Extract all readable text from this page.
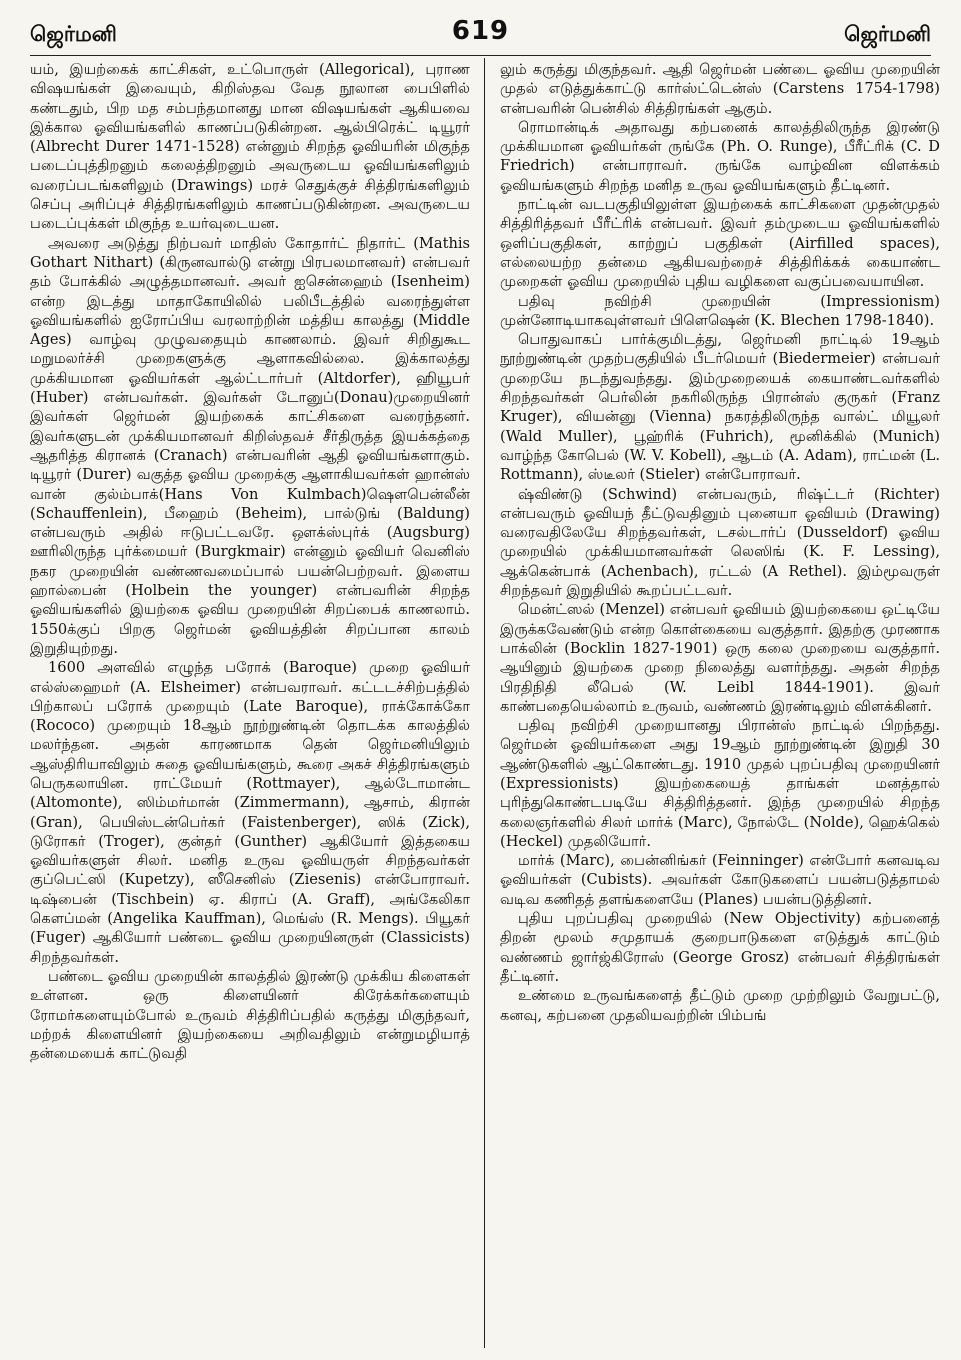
ஜெர்மனி	619	ஜெர்மனி

யம், இயற்கைக் காட்சிகள், உட்பொருள் (Allegorical), புராண விஷயங்கள் இவையும், கிறிஸ்தவ வேத நூலான பைபிளில் கண்டதும், பிற மத சம்பந்தமானது மான விஷயங்கள் ஆகியவை இக்கால ஓவியங்களில் காணப்படுகின்றன. ஆல்பிரெக்ட் டியூரர் (Albrecht Durer 1471-1528) என்னும் சிறந்த ஓவியரின் மிகுந்த படைப்புத்திறனும் கலைத்திறனும் அவருடைய ஓவியங்களிலும் வரைப்படங்களிலும் (Drawings) மரச் செதுக்குச் சித்திரங்களிலும் செப்பு அரிப்புச் சித்திரங்களிலும் காணப்படுகின்றன. அவருடைய படைப்புக்கள் மிகுந்த உயர்வுடையன.

அவரை அடுத்து நிற்பவர் மாதிஸ் கோதார்ட் நிதார்ட் (Mathis Gothart Nithart) (கிருனவால்டு என்று பிரபலமானவர்) என்பவர் தம் போக்கில் அழுத்தமானவர். அவர் ஐசென்ஹைம் (Isenheim) என்ற இடத்து மாதாகோயிலில் பலிபீடத்தில் வரைந்துள்ள ஓவியங்களில் ஐரோப்பிய வரலாற்றின் மத்திய காலத்து (Middle Ages) வாழ்வு முழுவதையும் காணலாம். இவர் சிறிதுகூட மறுமலர்ச்சி முறைகளுக்கு ஆளாகவில்லை. இக்காலத்து முக்கியமான ஓவியர்கள் ஆல்ட்டார்பர் (Altdorfer), ஹியூபர் (Huber) என்பவர்கள். இவர்கள் டோனுப்(Donau)முறையினர் இவர்கள் ஜெர்மன் இயற்கைக் காட்சிகளை வரைந்தனர். இவர்களுடன் முக்கியமானவர் கிறிஸ்தவச் சீர்திருத்த இயக்கத்தை ஆதரித்த கிரானக் (Cranach) என்பவரின் ஆதி ஓவியங்களாகும். டியூரர் (Durer) வகுத்த ஓவிய முறைக்கு ஆளாகியவர்கள் ஹான்ஸ் வான் குல்ம்பாக்(Hans Von Kulmbach)ஷௌபென்லீன் (Schauffenlein), பீஹைம் (Beheim), பால்டுங் (Baldung) என்பவரும் அதில் ஈடுபட்டவரே. ஔக்ஸ்புர்க் (Augsburg) ஊரிலிருந்த புர்க்மையர் (Burgkmair) என்னும் ஓவியர் வெனிஸ் நகர முறையின் வண்ணவமைப்பால் பயன்பெற்றவர். இளைய ஹால்பைன் (Holbein the younger) என்பவரின் சிறந்த ஓவியங்களில் இயற்கை ஓவிய முறையின் சிறப்பைக் காணலாம். 1550க்குப் பிறகு ஜெர்மன் ஓவியத்தின் சிறப்பான காலம் இறுதியுற்றது.

1600 அளவில் எழுந்த பரோக் (Baroque) முறை ஓவியர் எல்ஸ்ஹைமர் (A. Elsheimer) என்பவராவர். கட்டடச்சிற்பத்தில் பிற்காலப் பரோக் முறையும் (Late Baroque), ராக்கோக்கோ (Rococo) முறையும் 18ஆம் நூற்றுண்டின் தொடக்க காலத்தில் மலர்ந்தன. அதன் காரணமாக தென் ஜெர்மனியிலும் ஆஸ்திரியாவிலும் சுதை ஓவியங்களும், கூரை அகச் சித்திரங்களும் பெருகலாயின. ராட்மேயர் (Rottmayer), ஆல்டோமான்ட (Altomonte), ஸிம்மர்மான் (Zimmermann), ஆசாம், கிரான் (Gran), பெயிஸ்டன்பெர்கர் (Faistenberger), ஸிக் (Zick), டுரோகர் (Troger), குன்தர் (Gunther) ஆகியோர் இத்தகைய ஓவியர்களுள் சிலர். மனித உருவ ஓவியருள் சிறந்தவர்கள் குப்பெட்ஸி (Kupetzy), ஸீசெனிஸ் (Ziesenis) என்போராவர். டிஷ்பைன் (Tischbein) ஏ. கிராப் (A. Graff), அங்கேலிகா கௌப்மன் (Angelika Kauffman), மெங்ஸ் (R. Mengs). பியூகர் (Fuger) ஆகியோர் பண்டை ஓவிய முறையினருள் (Classicists) சிறந்தவர்கள்.

பண்டை ஓவிய முறையின் காலத்தில் இரண்டு முக்கிய கிளைகள் உள்ளன. ஒரு கிளையினர் கிரேக்கர்களையும் ரோமர்களையும்போல் உருவம் சித்திரிப்பதில் கருத்து மிகுந்தவர், மற்றக் கிளையினர் இயற்கையை அறிவதிலும் என்றுமழியாத் தன்மையைக் காட்டுவதி

லும் கருத்து மிகுந்தவர். ஆதி ஜெர்மன் பண்டை ஓவிய முறையின் முதல் எடுத்துக்காட்டு கார்ஸ்ட்டென்ஸ் (Carstens 1754-1798) என்பவரின் பென்சில் சித்திரங்கள் ஆகும்.

ரொமான்டிக் அதாவது கற்பனைக் காலத்திலிருந்த இரண்டு முக்கியமான ஓவியர்கள் ருங்கே (Ph. O. Runge), பீரீட்ரிக் (C. D Friedrich) என்பாராவர். ருங்கே வாழ்வின விளக்கம் ஓவியங்களும் சிறந்த மனித உருவ ஓவியங்களும் தீட்டினர்.

நாட்டின் வடபகுதியிலுள்ள இயற்கைக் காட்சிகளை முதன்முதல் சித்திரித்தவர் பீரீட்ரிக் என்பவர். இவர் தம்முடைய ஓவியங்களில் ஒளிப்பகுதிகள், காற்றுப் பகுதிகள் (Airfilled spaces), எல்லையற்ற தன்மை ஆகியவற்றைச் சித்திரிக்கக் கையாண்ட முறைகள் ஓவிய முறையில் புதிய வழிகளை வகுப்பவையாயின.

பதிவு நவிற்சி முறையின் (Impressionism) முன்னோடியாகவுள்ளவர் பிளெஷென் (K. Blechen 1798-1840).

பொதுவாகப் பார்க்குமிடத்து, ஜெர்மனி நாட்டில் 19ஆம் நூற்றுண்டின் முதற்பகுதியில் பீடர்மெயர் (Biedermeier) என்பவர் முறையே நடந்துவந்தது. இம்முறையைக் கையாண்டவர்களில் சிறந்தவர்கள் பெர்லின் நகரிலிருந்த பிரான்ஸ் குருகர் (Franz Kruger), வியன்னு (Vienna) நகரத்திலிருந்த வால்ட் மியூலர் (Wald Muller), பூஹ்ரிக் (Fuhrich), மூனிக்கில் (Munich) வாழ்ந்த கோபெல் (W. V. Kobell), ஆடம் (A. Adam), ராட்மன் (L. Rottmann), ஸ்டீலர் (Stieler) என்போராவர்.

ஷ்விண்டு (Schwind) என்பவரும், ரிஷ்ட்டர் (Richter) என்பவரும் ஓவியந் தீட்டுவதினும் புனையா ஓவியம் (Drawing) வரைவதிலேயே சிறந்தவர்கள், டசல்டார்ப் (Dusseldorf) ஓவிய முறையில் முக்கியமானவர்கள் லெஸிங் (K. F. Lessing), ஆக்கென்பாக் (Achenbach), ரட்டல் (A Rethel). இம்மூவருள் சிறந்தவர் இறுதியில் கூறப்பட்டவர்.

மென்ட்ஸல் (Menzel) என்பவர் ஓவியம் இயற்கையை ஒட்டியே இருக்கவேண்டும் என்ற கொள்கையை வகுத்தார். இதற்கு முரணாக பாக்லின் (Bocklin 1827-1901) ஒரு கலை முறையை வகுத்தார். ஆயினும் இயற்கை முறை நிலைத்து வளர்ந்தது. அதன் சிறந்த பிரதிநிதி லீபெல் (W. Leibl 1844-1901). இவர் காண்பதையெல்லாம் உருவம், வண்ணம் இரண்டிலும் விளக்கினர்.

பதிவு நவிற்சி முறையானது பிரான்ஸ் நாட்டில் பிறந்தது. ஜெர்மன் ஓவியர்களை அது 19ஆம் நூற்றுண்டின் இறுதி 30 ஆண்டுகளில் ஆட்கொண்டது. 1910 முதல் புறப்பதிவு முறையினர் (Expressionists) இயற்கையைத் தாங்கள் மனத்தால் புரிந்துகொண்டபடியே சித்திரித்தனர். இந்த முறையில் சிறந்த கலைஞர்களில் சிலர் மார்க் (Marc), நோல்டே (Nolde), ஹெக்கெல் (Heckel) முதலியோர்.

மார்க் (Marc), பைன்னிங்கர் (Feinninger) என்போர் கனவடிவ ஓவியர்கள் (Cubists). அவர்கள் கோடுகளைப் பயன்படுத்தாமல் வடிவ கணிதத் தளங்களையே (Planes) பயன்படுத்தினர்.

புதிய புறப்பதிவு முறையில் (New Objectivity) கற்பனைத் திறன் மூலம் சமுதாயக் குறைபாடுகளை எடுத்துக் காட்டும் வண்ணம் ஜார்ஜ்கிரோஸ் (George Grosz) என்பவர் சித்திரங்கள் தீட்டினர்.

உண்மை உருவங்களைத் தீட்டும் முறை முற்றிலும் வேறுபட்டு, கனவு, கற்பனை முதலியவற்றின் பிம்பங்
